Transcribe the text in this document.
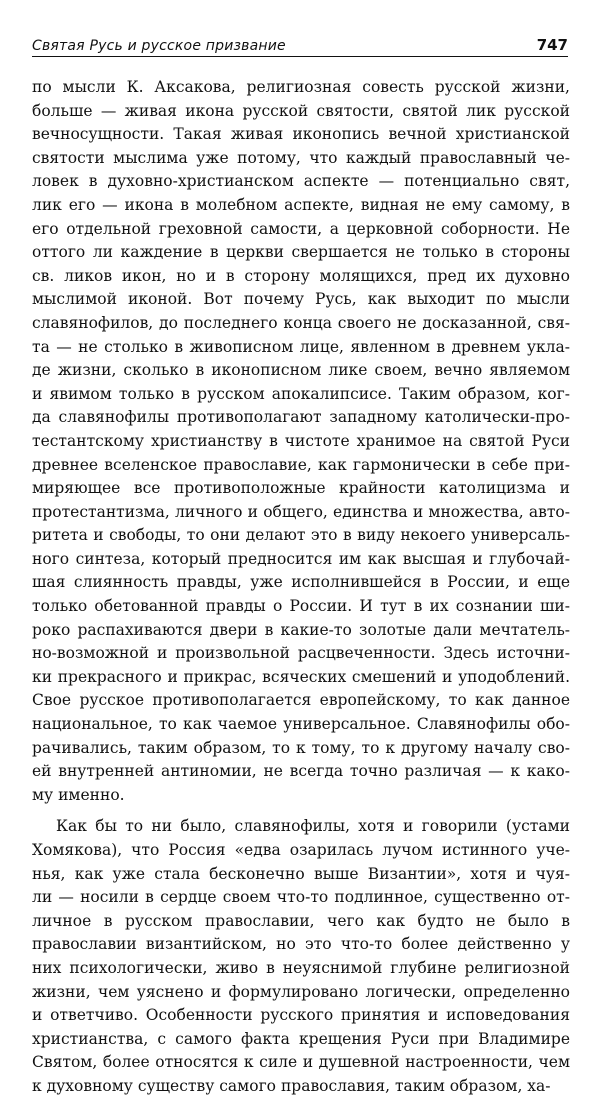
Святая Русь и русское призвание	747
по мысли К. Аксакова, религиозная совесть русской жизни,
больше — живая икона русской святости, святой лик русской
вечносущности. Такая живая иконопись вечной христианской
святости мыслима уже потому, что каждый православный че-
ловек в духовно-христианском аспекте — потенциально свят,
лик его — икона в молебном аспекте, видная не ему самому, в
его отдельной греховной самости, а церковной соборности. Не
оттого ли каждение в церкви свершается не только в стороны
св. ликов икон, но и в сторону молящихся, пред их духовно
мыслимой иконой. Вот почему Русь, как выходит по мысли
славянофилов, до последнего конца своего не досказанной, свя-
та — не столько в живописном лице, явленном в древнем укла-
де жизни, сколько в иконописном лике своем, вечно являемом
и явимом только в русском апокалипсисе. Таким образом, ког-
да славянофилы противополагают западному католически-про-
тестантскому христианству в чистоте хранимое на святой Руси
древнее вселенское православие, как гармонически в себе при-
миряющее все противоположные крайности католицизма и
протестантизма, личного и общего, единства и множества, авто-
ритета и свободы, то они делают это в виду некоего универсаль-
ного синтеза, который предносится им как высшая и глубочай-
шая слиянность правды, уже исполнившейся в России, и еще
только обетованной правды о России. И тут в их сознании ши-
роко распахиваются двери в какие-то золотые дали мечтатель-
но-возможной и произвольной расцвеченности. Здесь источни-
ки прекрасного и прикрас, всяческих смешений и уподоблений.
Свое русское противополагается европейскому, то как данное
национальное, то как чаемое универсальное. Славянофилы обо-
рачивались, таким образом, то к тому, то к другому началу сво-
ей внутренней антиномии, не всегда точно различая — к како-
му именно.
Как бы то ни было, славянофилы, хотя и говорили (устами
Хомякова), что Россия «едва озарилась лучом истинного уче-
нья, как уже стала бесконечно выше Византии», хотя и чуя-
ли — носили в сердце своем что-то подлинное, существенно от-
личное в русском православии, чего как будто не было в
православии византийском, но это что-то более действенно у
них психологически, живо в неуяснимой глубине религиозной
жизни, чем уяснено и формулировано логически, определенно
и ответчиво. Особенности русского принятия и исповедования
христианства, с самого факта крещения Руси при Владимире
Святом, более относятся к силе и душевной настроенности, чем
к духовному существу самого православия, таким образом, ха-
